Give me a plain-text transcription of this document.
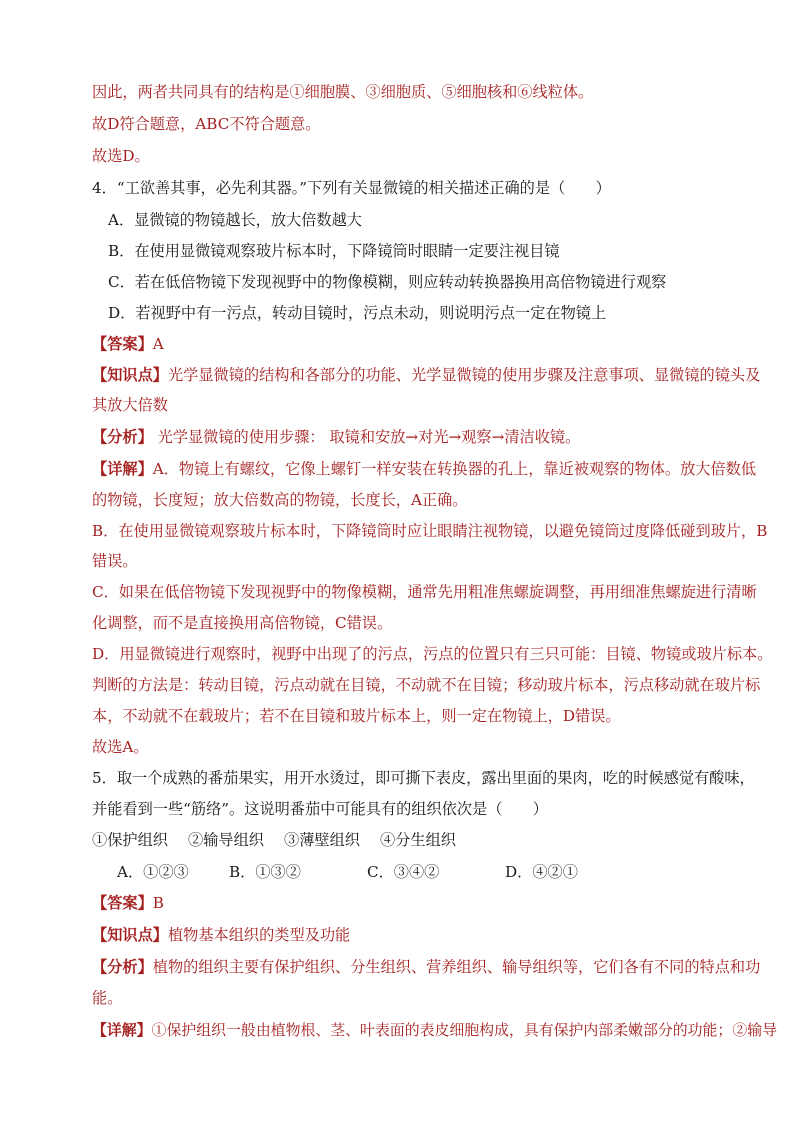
因此，两者共同具有的结构是①细胞膜、③细胞质、⑤细胞核和⑥线粒体。
故D符合题意，ABC不符合题意。
故选D。
4．“工欲善其事，必先利其器。”下列有关显微镜的相关描述正确的是（　　）
A．显微镜的物镜越长，放大倍数越大
B．在使用显微镜观察玻片标本时，下降镜筒时眼睛一定要注视目镜
C．若在低倍物镜下发现视野中的物像模糊，则应转动转换器换用高倍物镜进行观察
D．若视野中有一污点，转动目镜时，污点未动，则说明污点一定在物镜上
【答案】A
【知识点】光学显微镜的结构和各部分的功能、光学显微镜的使用步骤及注意事项、显微镜的镜头及
其放大倍数
【分析】 光学显微镜的使用步骤： 取镜和安放→对光→观察→清洁收镜。
【详解】A．物镜上有螺纹，它像上螺钉一样安装在转换器的孔上，靠近被观察的物体。放大倍数低
的物镜，长度短；放大倍数高的物镜，长度长，A正确。
B．在使用显微镜观察玻片标本时，下降镜筒时应让眼睛注视物镜，以避免镜筒过度降低碰到玻片，B
错误。
C．如果在低倍物镜下发现视野中的物像模糊，通常先用粗准焦螺旋调整，再用细准焦螺旋进行清晰
化调整，而不是直接换用高倍物镜，C错误。
D．用显微镜进行观察时，视野中出现了的污点，污点的位置只有三只可能：目镜、物镜或玻片标本。
判断的方法是：转动目镜，污点动就在目镜，不动就不在目镜；移动玻片标本，污点移动就在玻片标
本，不动就不在载玻片；若不在目镜和玻片标本上，则一定在物镜上，D错误。
故选A。
5．取一个成熟的番茄果实，用开水烫过，即可撕下表皮，露出里面的果肉，吃的时候感觉有酸味，
并能看到一些“筋络”。这说明番茄中可能具有的组织依次是（　　）
①保护组织 ②输导组织 ③薄壁组织 ④分生组织
A．①②③	B．①③②	C．③④②	D．④②①
【答案】B
【知识点】植物基本组织的类型及功能
【分析】植物的组织主要有保护组织、分生组织、营养组织、输导组织等，它们各有不同的特点和功
能。
【详解】①保护组织一般由植物根、茎、叶表面的表皮细胞构成，具有保护内部柔嫩部分的功能；②输导
